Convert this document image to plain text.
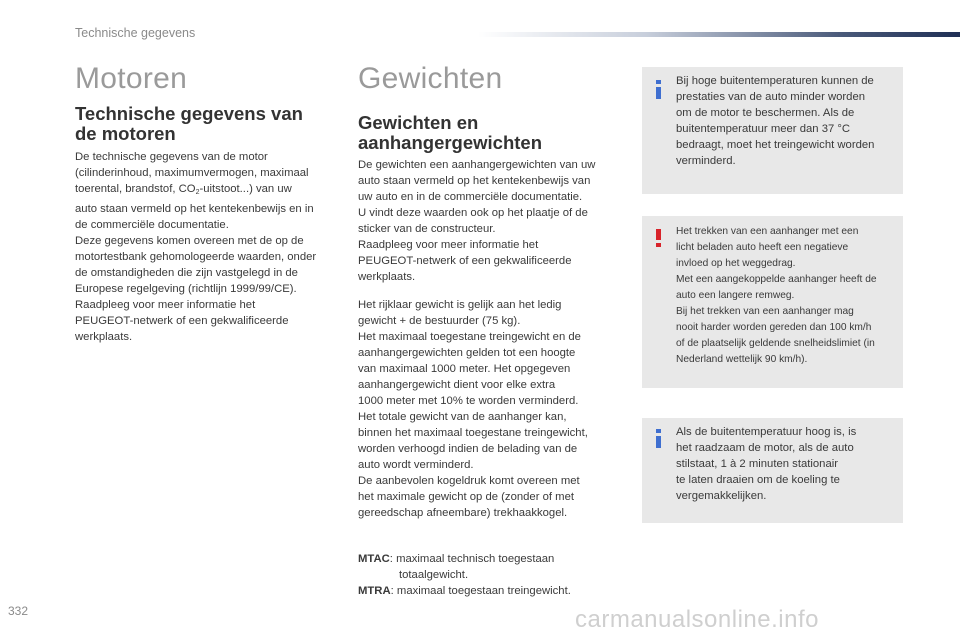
Technische gegevens
Motoren
Technische gegevens van
de motoren

De technische gegevens van de motor

(cilinderinhoud, maximumvermogen, maximaal

toerental, brandstof, $CO_2-uitstoot$...) van uw

auto staan vermeld op het kentekenbewijs en in

de commerciële documentatie.

Deze gegevens komen overeen met de op de

motortestbank gehomologeerde waarden, onder

de omstandigheden die zijn vastgelegd in de

Europese regelgeving (richtlijn 1999/99/CE).

Raadpleeg voor meer informatie het

PEUGEOT-netwerk of een gekwalificeerde

werkplaats.

Gewichten
Gewichten en
aanhangergewichten

De gewichten een aanhangergewichten van uw

auto staan vermeld op het kentekenbewijs van

uw auto en in de commerciële documentatie.

U vindt deze waarden ook op het plaatje of de

sticker van de constructeur.

Raadpleeg voor meer informatie het

PEUGEOT-netwerk of een gekwalificeerde

werkplaats.

Het rijklaar gewicht is gelijk aan het ledig

gewicht + de bestuurder (75 kg).

Het maximaal toegestane treingewicht en de

aanhangergewichten gelden tot een hoogte

van maximaal 1000 meter. Het opgegeven

aanhangergewicht dient voor elke extra

1000 meter met 10% te worden verminderd.

Het totale gewicht van de aanhanger kan,

binnen het maximaal toegestane treingewicht,

worden verhoogd indien de belading van de

auto wordt verminderd.

De aanbevolen kogeldruk komt overeen met

het maximale gewicht op de (zonder of met

gereedschap afneembare) trekhaakkogel.

MTAC: maximaal technisch toegestaan

totaalgewicht.

MTRA: maximaal toegestaan treingewicht.

Bij hoge buitentemperaturen kunnen de

prestaties van de auto minder worden

om de motor te beschermen. Als de

buitentemperatuur meer dan 37 °C

bedraagt, moet het treingewicht worden

verminderd.

Het trekken van een aanhanger met een

licht beladen auto heeft een negatieve

invloed op het weggedrag.

Met een aangekoppelde aanhanger heeft de

auto een langere remweg.

Bij het trekken van een aanhanger mag

nooit harder worden gereden dan 100 km/h

of de plaatselijk geldende snelheidslimiet (in

Nederland wettelijk 90 km/h).

Als de buitentemperatuur hoog is, is

het raadzaam de motor, als de auto

stilstaat, 1 à 2 minuten stationair

te laten draaien om de koeling te

vergemakkelijken.

332	carmanualsonline.info
